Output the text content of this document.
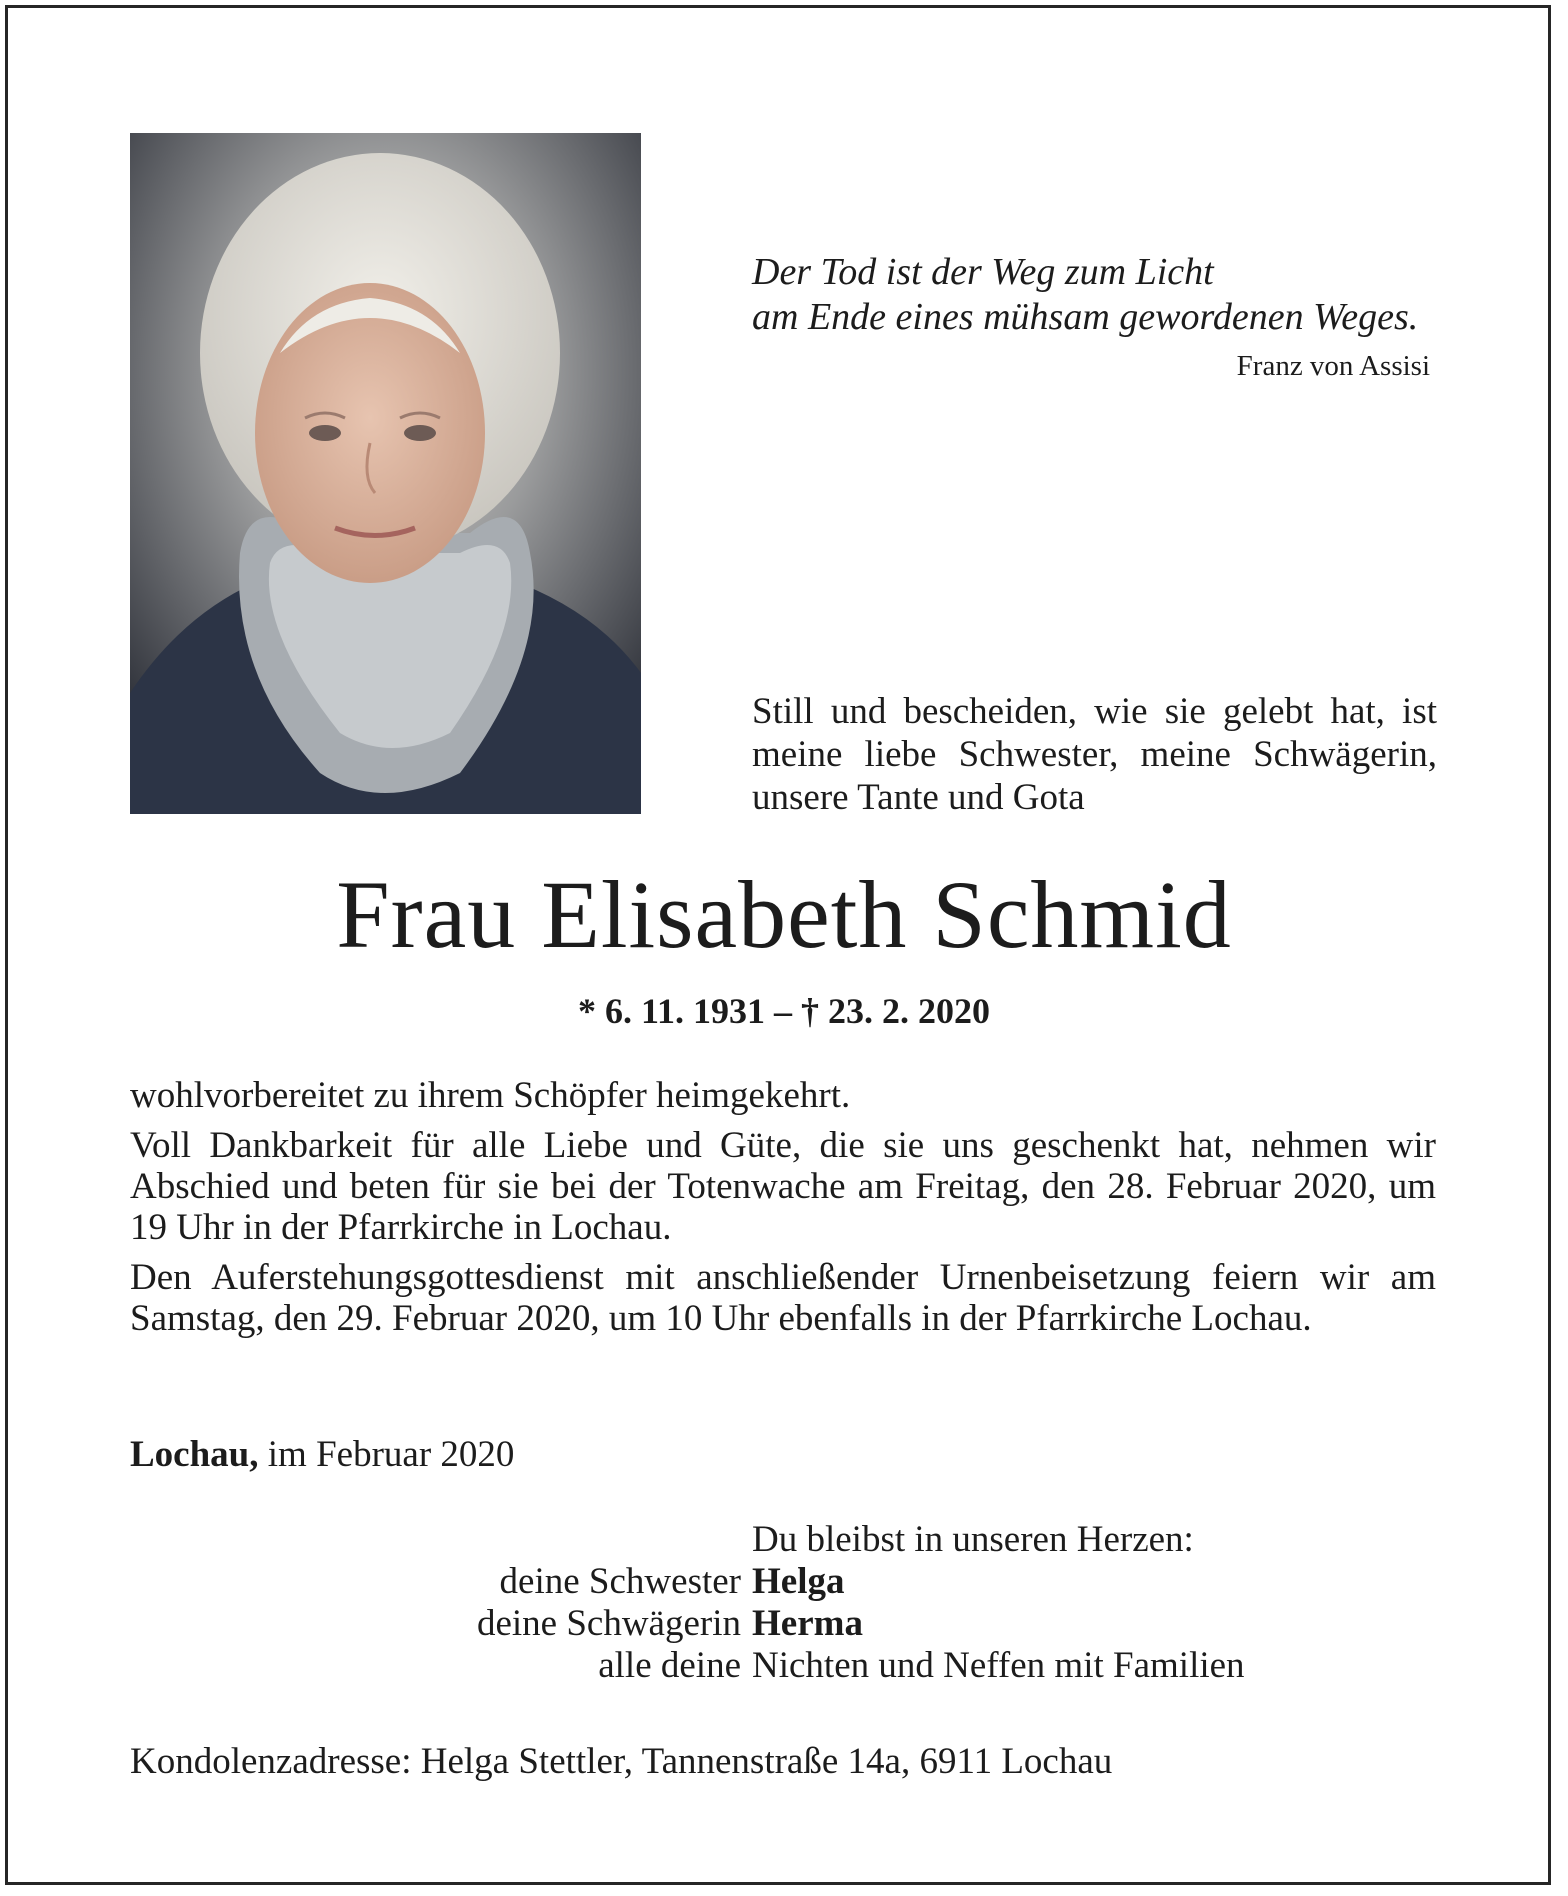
Der Tod ist der Weg zum Licht
am Ende eines mühsam gewordenen Weges.
Franz von Assisi
Still und bescheiden, wie sie gelebt hat, ist meine liebe Schwester, meine Schwägerin, unsere Tante und Gota
Frau Elisabeth Schmid
* 6. 11. 1931 – † 23. 2. 2020

wohlvorbereitet zu ihrem Schöpfer heimgekehrt.

Voll Dankbarkeit für alle Liebe und Güte, die sie uns geschenkt hat, nehmen wir Abschied und beten für sie bei der Totenwache am Freitag, den 28. Februar 2020, um 19 Uhr in der Pfarrkirche in Lochau.

Den Auferstehungsgottesdienst mit anschließender Urnenbeisetzung feiern wir am Samstag, den 29. Februar 2020, um 10 Uhr ebenfalls in der Pfarrkirche Lochau.

Lochau, im Februar 2020
Du bleibst in unseren Herzen:
deine Schwester Helga
deine Schwägerin Herma
alle deine Nichten und Neffen mit Familien
Kondolenzadresse: Helga Stettler, Tannenstraße 14a, 6911 Lochau
